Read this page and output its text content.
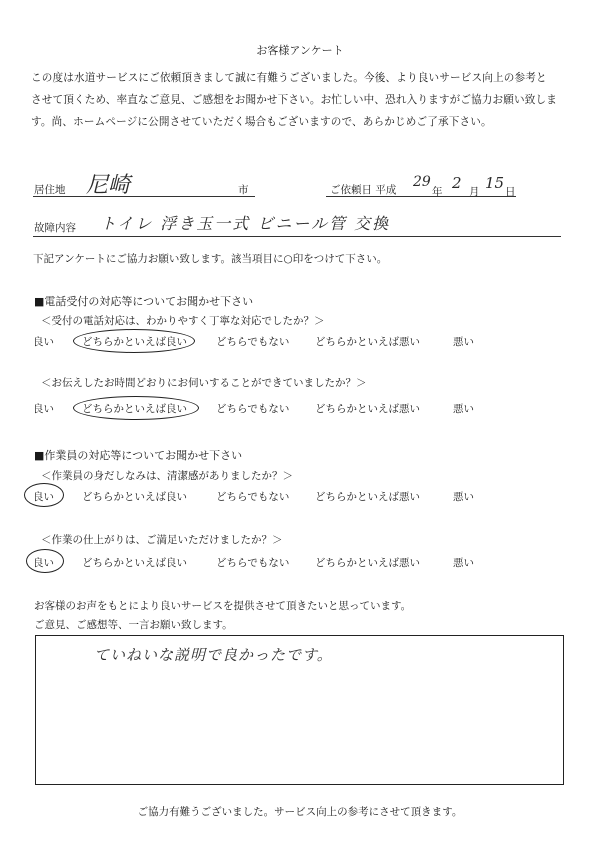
お客様アンケート
この度は水道サービスにご依頼頂きまして誠に有難うございました。今後、より良いサービス向上の参考と
させて頂くため、率直なご意見、ご感想をお聞かせ下さい。お忙しい中、恐れ入りますがご協力お願い致しま
す。尚、ホームページに公開させていただく場合もございますので、あらかじめご了承下さい。
居住地 尼崎	市	ご依頼日 平成 29
年 2 月 15 日
故障内容 トイレ 浮き玉一式 ビニール管 交換
下記アンケートにご協力お願い致します。該当項目に○印をつけて下さい。
■電話受付の対応等についてお聞かせ下さい
＜受付の電話対応は、わかりやすく丁寧な対応でしたか？＞
良い	どちらかといえば良い	どちらでもない どちらかといえば悪い	悪い
＜お伝えしたお時間どおりにお伺いすることができていましたか？＞
良い	どちらかといえば良い	どちらでもない どちらかといえば悪い	悪い
■作業員の対応等についてお聞かせ下さい
＜作業員の身だしなみは、清潔感がありましたか？＞
良い	どちらかといえば良い	どちらでもない どちらかといえば悪い	悪い
＜作業の仕上がりは、ご満足いただけましたか？＞
良い	どちらかといえば良い	どちらでもない どちらかといえば悪い	悪い
お客様のお声をもとにより良いサービスを提供させて頂きたいと思っています。
ご意見、ご感想等、一言お願い致します。
ていねいな説明で良かったです。
ご協力有難うございました。サービス向上の参考にさせて頂きます。
